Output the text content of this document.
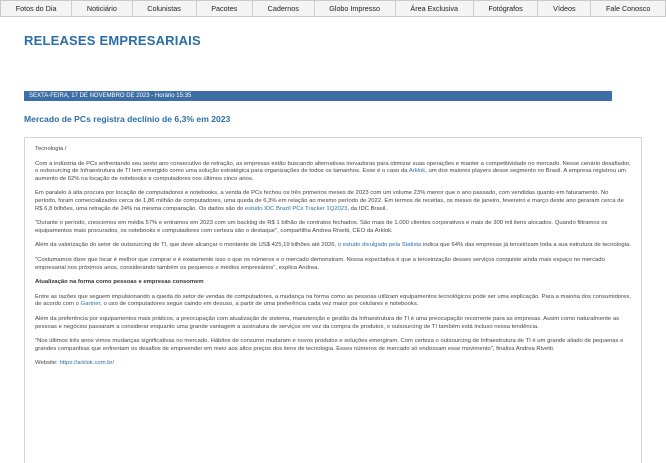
Fotos do Dia	Noticiário	Colunistas	Pacotes	Cadernos	Globo Impresso	Área Exclusiva	Fotógrafos	Vídeos	Fale Conosco
RELEASES EMPRESARIAIS
SEXTA-FEIRA, 17 DE NOVEMBRO DE 2023 - Horário 15:35
Mercado de PCs registra declínio de 6,3% em 2023

Tecnologia /

Com a indústria de PCs enfrentando seu sexto ano consecutivo de retração, as empresas estão buscando alternativas inovadoras para otimizar suas operações e manter a competitividade no mercado. Nesse cenário desafiador, o outsourcing de Infraestrutura de TI tem emergido como uma solução estratégica para organizações de todos os tamanhos. Esse é o caso da Arklok, um dos maiores players desse segmento no Brasil. A empresa registrou um aumento de 62% na locação de notebooks e computadores nos últimos cinco anos.

Em paralelo à alta procura por locação de computadores e notebooks, a venda de PCs fechou os três primeiros meses de 2023 com um volume 23% menor que o ano passado, com vendidas quanto em faturamento. No período, foram comercializados cerca de 1,86 milhão de computadores, uma queda de 6,3% em relação ao mesmo período de 2022. Em termos de receitas, os meses de janeiro, fevereiro e março deste ano geraram cerca de R$ 6,8 bilhões, uma retração de 24% na mesma comparação. Os dados são do estudo IDC Brazil PCs Tracker 1Q2023, da IDC Brasil.

"Durante o período, crescemos em média 57% e entramos em 2023 com um backlog de R$ 1 bilhão de contratos fechados. São mais de 1.000 clientes corporativos e mais de 300 mil itens alocados. Quando filtramos os equipamentos mais procurados, os notebooks e computadores com certeza são o destaque", compartilha Andrea Rivetti, CEO da Arklok.

Além da valorização do setor de outsourcing de TI, que deve alcançar o montante de US$ 425,19 bilhões até 2026, o estudo divulgado pela Statista indica que 64% das empresas já terceirizam toda a sua estrutura de tecnologia.

"Costumamos dizer que locar é melhor que comprar e é exatamente isso o que os números e o mercado demonstram. Nossa expectativa é que a terceirização desses serviços conquiste ainda mais espaço no mercado empresarial nos próximos anos, considerando também os pequenos e médios empresários", explica Andrea.

Atualização na forma como pessoas e empresas consomem

Entre as razões que seguem impulsionando a queda do setor de vendas de computadores, a mudança na forma como as pessoas utilizam equipamentos tecnológicos pode ser uma explicação. Para a maioria dos consumidores, de acordo com o Gartner, o uso de computadores segue caindo em desuso, a partir de uma preferência cada vez maior por celulares e notebooks.

Além da preferência por equipamentos mais práticos, a preocupação com atualização de sistema, manutenção e gestão da Infraestrutura de TI é uma preocupação recorrente para as empresas. Assim como naturalmente as pessoas e negócios passaram a considerar enquanto uma grande vantagem a assinatura de serviços em vez da compra de produtos, o outsourcing de TI também está incluso nessa tendência.

"Nos últimos três anos vimos mudanças significativas no mercado. Hábitos de consumo mudaram e novos produtos e soluções emergiram. Com certeza o outsourcing de Infraestrutura de TI é um grande aliado de pequenas e grandes companhias que enfrentam os desafios de empreender em meio aos altos preços dos itens de tecnologia. Esses números de mercado só endossam esse movimento", finaliza Andrea Rivetti.

Website: https://arklok.com.br/
